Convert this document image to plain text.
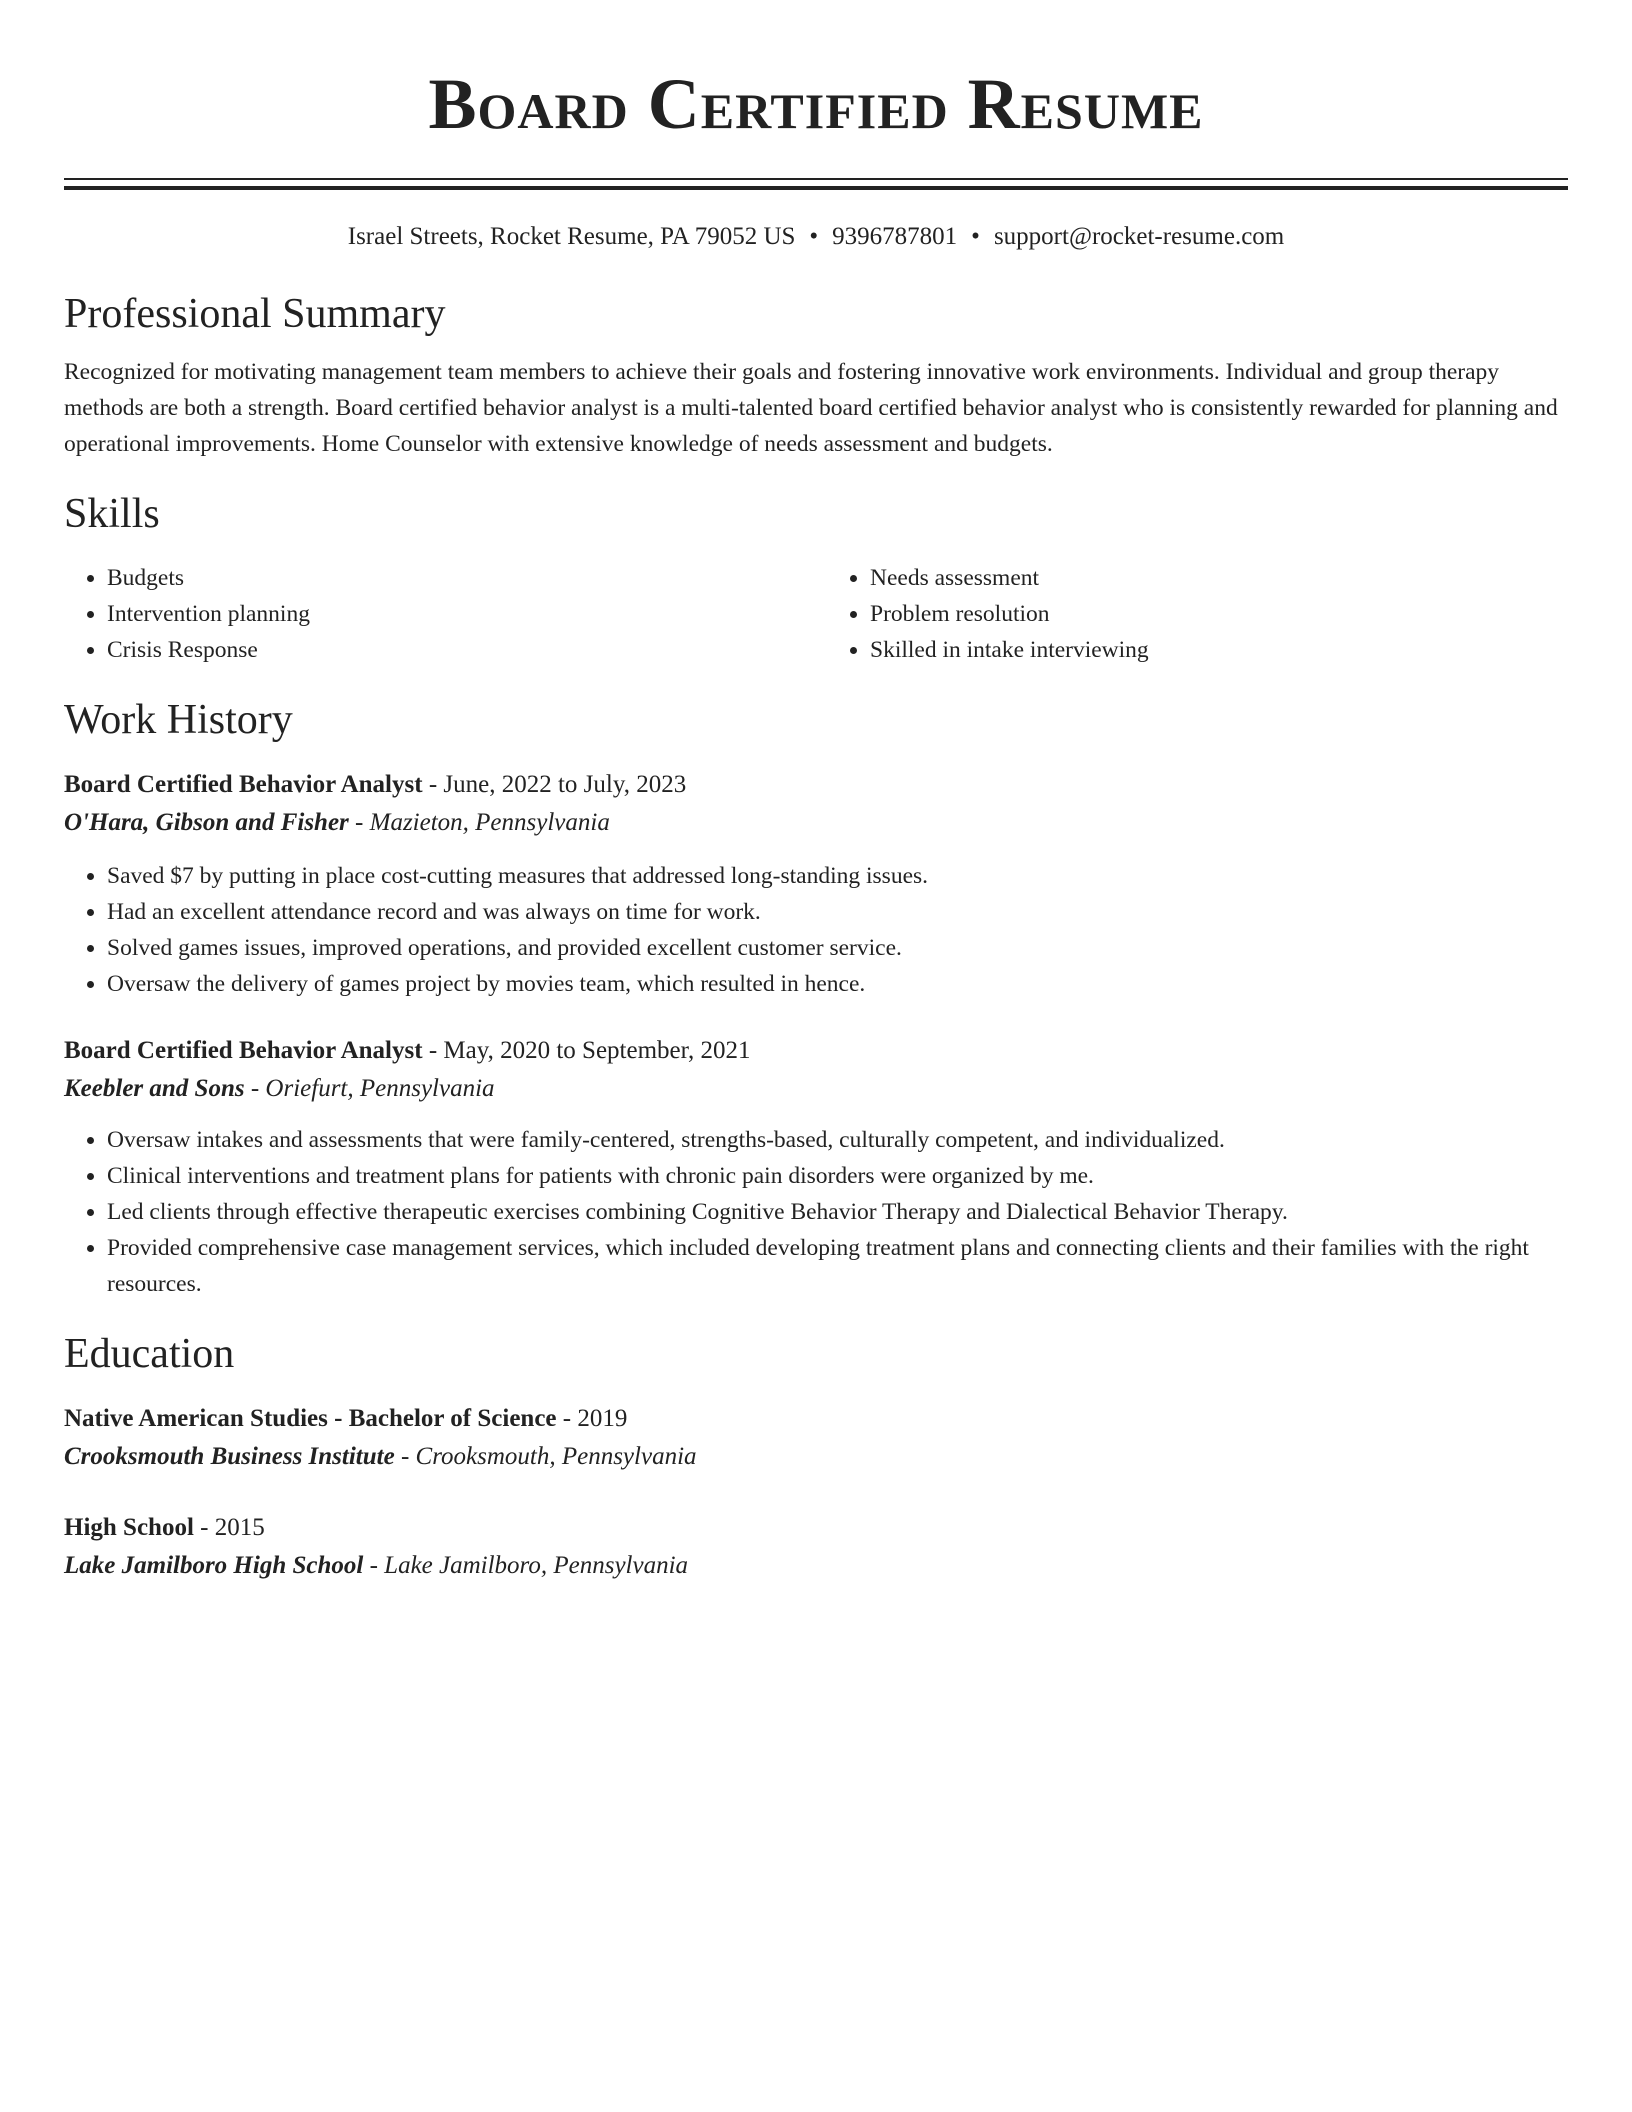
Board Certified Resume
Israel Streets, Rocket Resume, PA 79052 US • 9396787801 • support@rocket-resume.com
Professional Summary

Recognized for motivating management team members to achieve their goals and fostering innovative work environments. Individual and group therapy methods are both a strength. Board certified behavior analyst is a multi-talented board certified behavior analyst who is consistently rewarded for planning and operational improvements. Home Counselor with extensive knowledge of needs assessment and budgets.

Skills
• Budgets
• Intervention planning
• Crisis Response
• Needs assessment
• Problem resolution
• Skilled in intake interviewing
Work History
Board Certified Behavior Analyst - June, 2022 to July, 2023
O'Hara, Gibson and Fisher - Mazieton, Pennsylvania
• Saved $7 by putting in place cost-cutting measures that addressed long-standing issues.
• Had an excellent attendance record and was always on time for work.
• Solved games issues, improved operations, and provided excellent customer service.
• Oversaw the delivery of games project by movies team, which resulted in hence.
Board Certified Behavior Analyst - May, 2020 to September, 2021
Keebler and Sons - Oriefurt, Pennsylvania
• Oversaw intakes and assessments that were family-centered, strengths-based, culturally competent, and individualized.
• Clinical interventions and treatment plans for patients with chronic pain disorders were organized by me.
• Led clients through effective therapeutic exercises combining Cognitive Behavior Therapy and Dialectical Behavior Therapy.
• Provided comprehensive case management services, which included developing treatment plans and connecting clients and their families with the right resources.
Education
Native American Studies - Bachelor of Science - 2019
Crooksmouth Business Institute - Crooksmouth, Pennsylvania
High School - 2015
Lake Jamilboro High School - Lake Jamilboro, Pennsylvania
